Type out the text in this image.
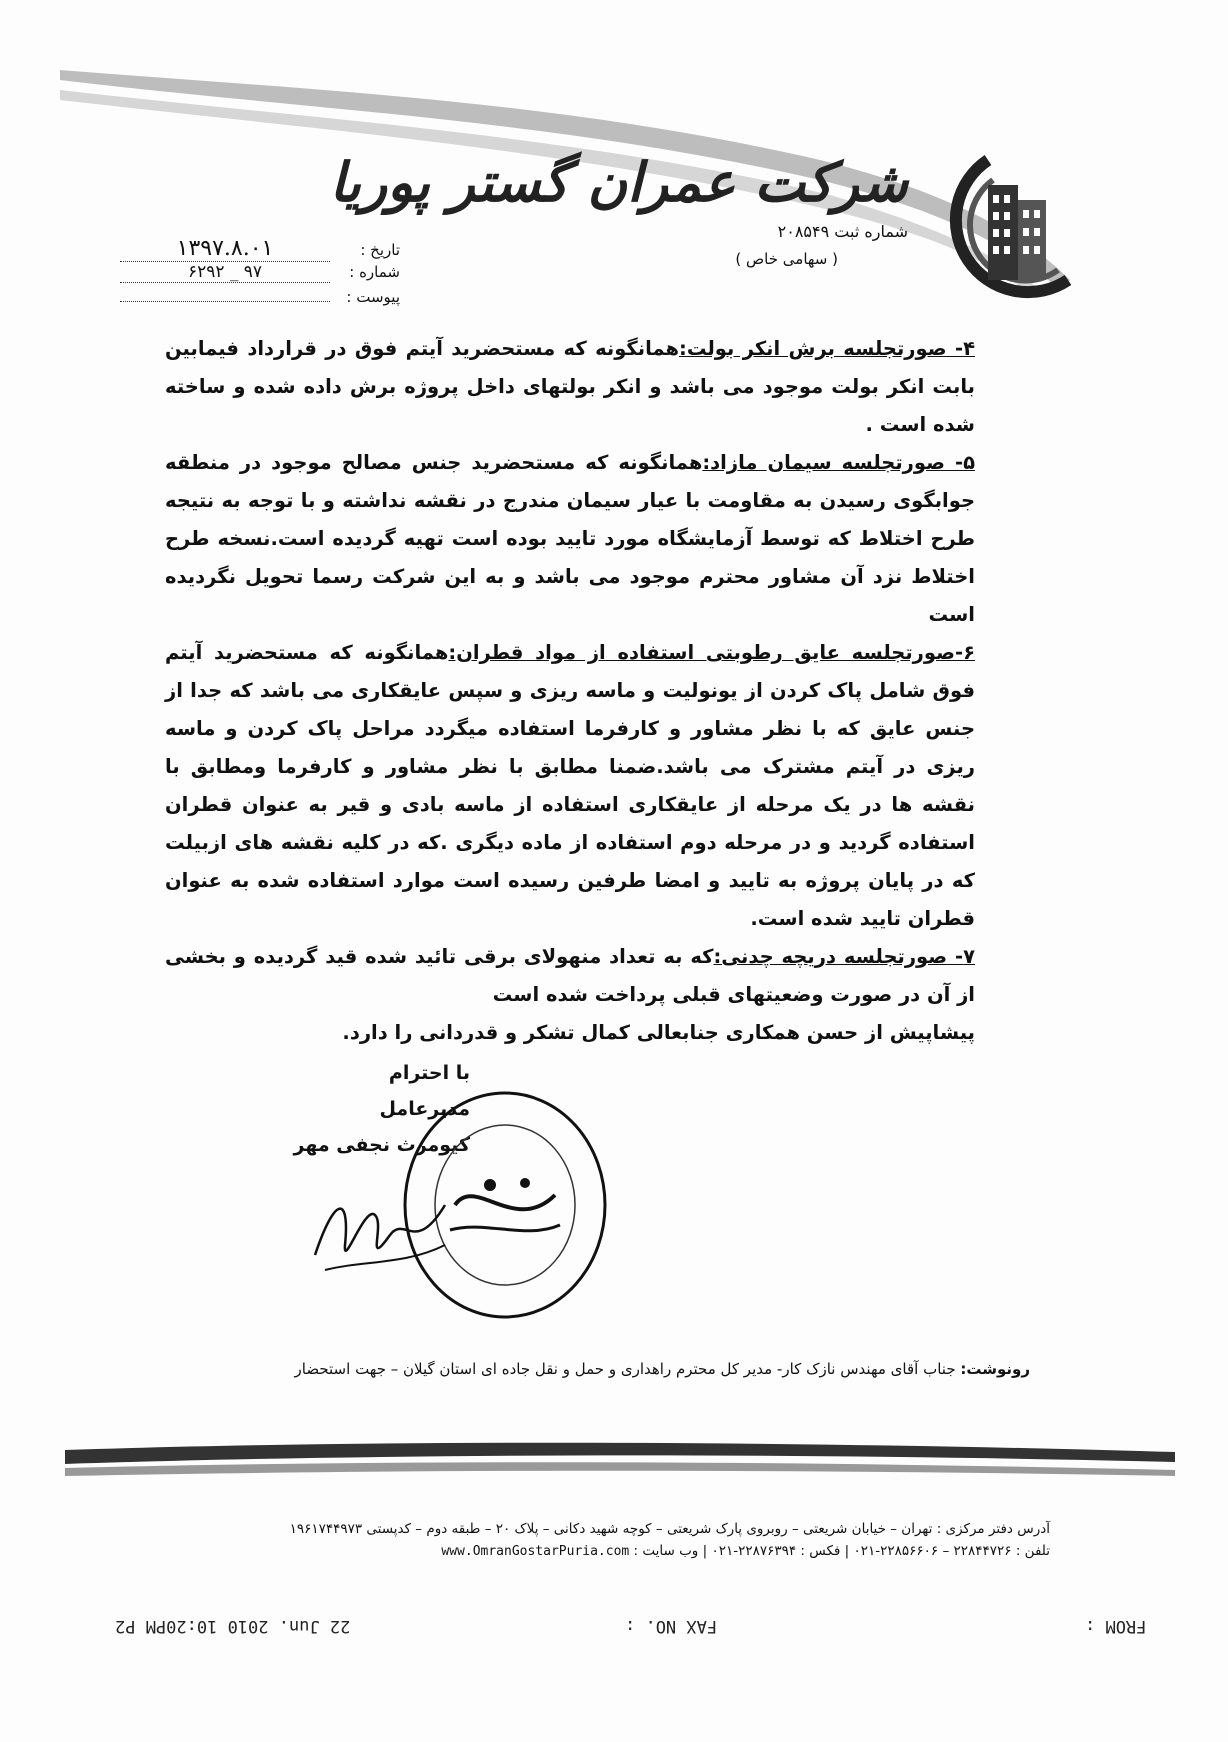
شرکت عمران گستر پوریا
شماره ثبت ۲۰۸۵۴۹
( سهامی خاص )
تاریخ :
۱۳۹۷.۸.۰۱
شماره :
۹۷ _ ۶۲۹۲
پیوست :

۴- صورتجلسه برش انکر بولت:همانگونه که مستحضرید آیتم فوق در قرارداد فیمابین بابت انکر بولت موجود می باشد و انکر بولتهای داخل پروژه برش داده شده و ساخته شده است .

۵- صورتجلسه سیمان مازاد:همانگونه که مستحضرید جنس مصالح موجود در منطقه جوابگوی رسیدن به مقاومت با عیار سیمان مندرج در نقشه نداشته و با توجه به نتیجه طرح اختلاط که توسط آزمایشگاه مورد تایید بوده است تهیه گردیده است.نسخه طرح اختلاط نزد آن مشاور محترم موجود می باشد و به این شرکت رسما تحویل نگردیده است

۶-صورتجلسه عایق رطوبتی استفاده از مواد قطران:همانگونه که مستحضرید آیتم فوق شامل پاک کردن از یونولیت و ماسه ریزی و سپس عایقکاری می باشد که جدا از جنس عایق که با نظر مشاور و کارفرما استفاده میگردد مراحل پاک کردن و ماسه ریزی در آیتم مشترک می باشد.ضمنا مطابق با نظر مشاور و کارفرما ومطابق با نقشه ها در یک مرحله از عایقکاری استفاده از ماسه بادی و قیر به عنوان قطران استفاده گردید و در مرحله دوم استفاده از ماده دیگری .که در کلیه نقشه های ازبیلت که در پایان پروژه به تایید و امضا طرفین رسیده است موارد استفاده شده به عنوان قطران تایید شده است.

۷- صورتجلسه دریچه چدنی:که به تعداد منهولای برقی تائید شده قید گردیده و بخشی از آن در صورت وضعیتهای قبلی پرداخت شده است

پیشاپیش از حسن همکاری جنابعالی کمال تشکر و قدردانی را دارد.

با احترام
مدیرعامل
کیومرث نجفی مهر
رونوشت: جناب آقای مهندس نازک کار- مدیر کل محترم راهداری و حمل و نقل جاده ای استان گیلان – جهت استحضار
آدرس دفتر مرکزی : تهران – خیابان شریعتی – روبروی پارک شریعتی – کوچه شهید دکانی – پلاک ۲۰ – طبقه دوم – کدپستی ۱۹۶۱۷۴۴۹۷۳
تلفن : ۲۲۸۴۴۷۲۶ – ۲۲۸۵۶۶۰۶-۰۲۱ | فکس : ۲۲۸۷۶۳۹۴-۰۲۱ | وب سایت : www.OmranGostarPuria.com
FROM :
FAX NO. :
22 Jun. 2010 10:20PM P2
